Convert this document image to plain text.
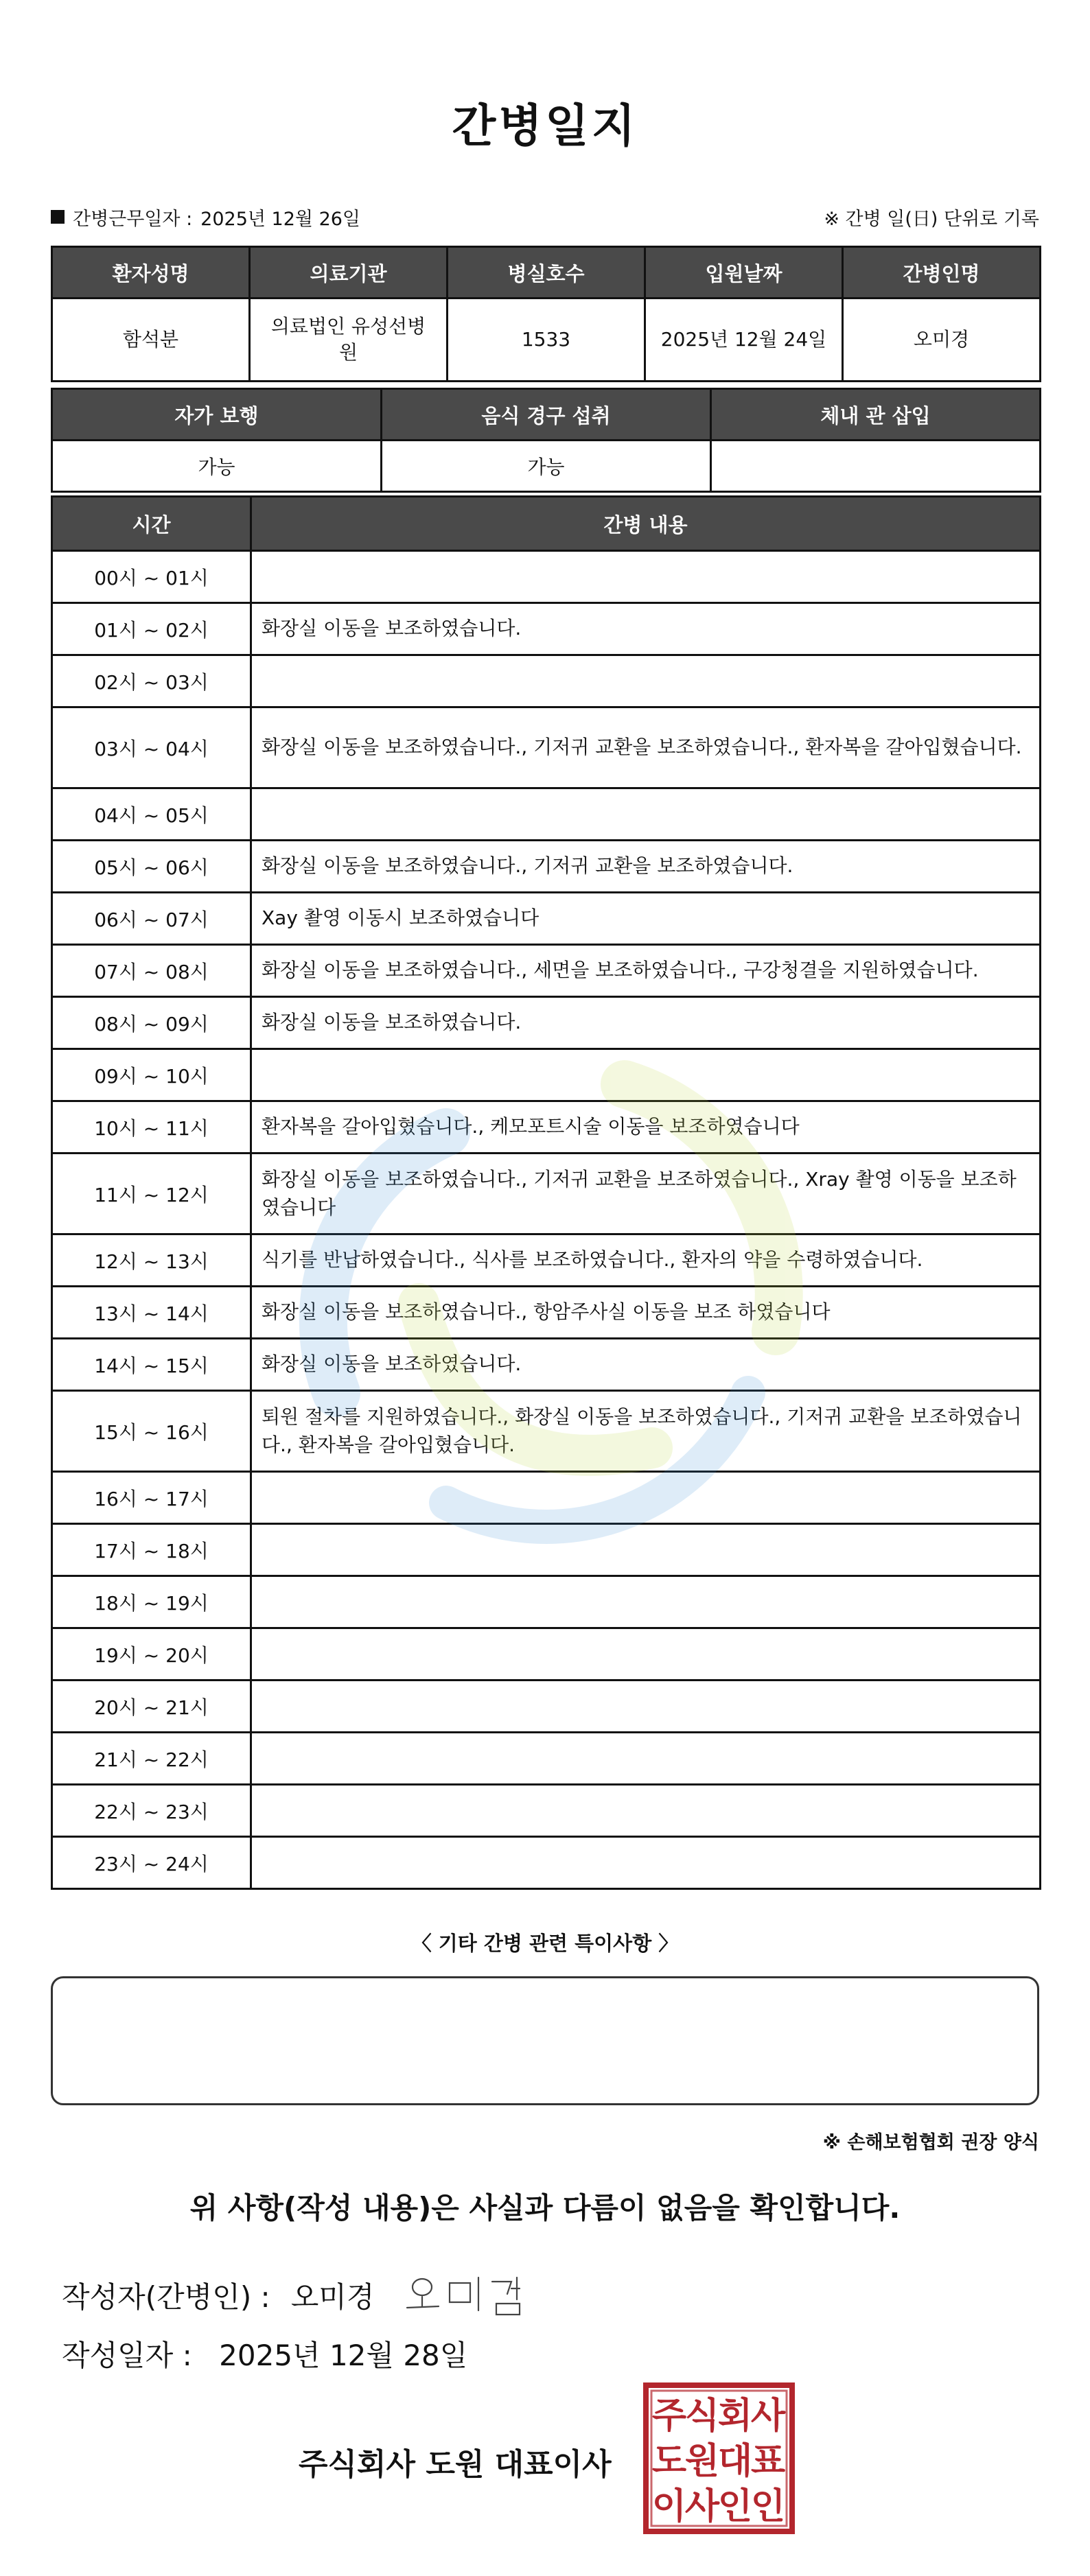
간병일지
간병근무일자 : 2025년 12월 26일	※ 간병 일(日) 단위로 기록
환자성명	의료기관	병실호수	입원날짜	간병인명
함석분	의료법인 유성선병원	1533	2025년 12월 24일	오미경
자가 보행	음식 경구 섭취	체내 관 삽입
가능	가능	
시간	간병 내용
00시 ~ 01시	
01시 ~ 02시	화장실 이동을 보조하였습니다.
02시 ~ 03시	
03시 ~ 04시	화장실 이동을 보조하였습니다., 기저귀 교환을 보조하였습니다., 환자복을 갈아입혔습니다.
04시 ~ 05시	
05시 ~ 06시	화장실 이동을 보조하였습니다., 기저귀 교환을 보조하였습니다.
06시 ~ 07시	Xay 촬영 이동시 보조하였습니다
07시 ~ 08시	화장실 이동을 보조하였습니다., 세면을 보조하였습니다., 구강청결을 지원하였습니다.
08시 ~ 09시	화장실 이동을 보조하였습니다.
09시 ~ 10시	
10시 ~ 11시	환자복을 갈아입혔습니다., 케모포트시술 이동을 보조하였습니다
11시 ~ 12시	화장실 이동을 보조하였습니다., 기저귀 교환을 보조하였습니다., Xray 촬영 이동을 보조하였습니다
12시 ~ 13시	식기를 반납하였습니다., 식사를 보조하였습니다., 환자의 약을 수령하였습니다.
13시 ~ 14시	화장실 이동을 보조하였습니다., 항암주사실 이동을 보조 하였습니다
14시 ~ 15시	화장실 이동을 보조하였습니다.
15시 ~ 16시	퇴원 절차를 지원하였습니다., 화장실 이동을 보조하였습니다., 기저귀 교환을 보조하였습니다., 환자복을 갈아입혔습니다.
16시 ~ 17시	
17시 ~ 18시	
18시 ~ 19시	
19시 ~ 20시	
20시 ~ 21시	
21시 ~ 22시	
22시 ~ 23시	
23시 ~ 24시	
〈 기타 간병 관련 특이사항 〉
※ 손해보험협회 권장 양식
위 사항(작성 내용)은 사실과 다름이 없음을 확인합니다.
작성자(간병인) : 오미경
작성일자 : 2025년 12월 28일
주식회사 도원 대표이사
주
식
회
사
도
원
대
표
이
사
인
인
